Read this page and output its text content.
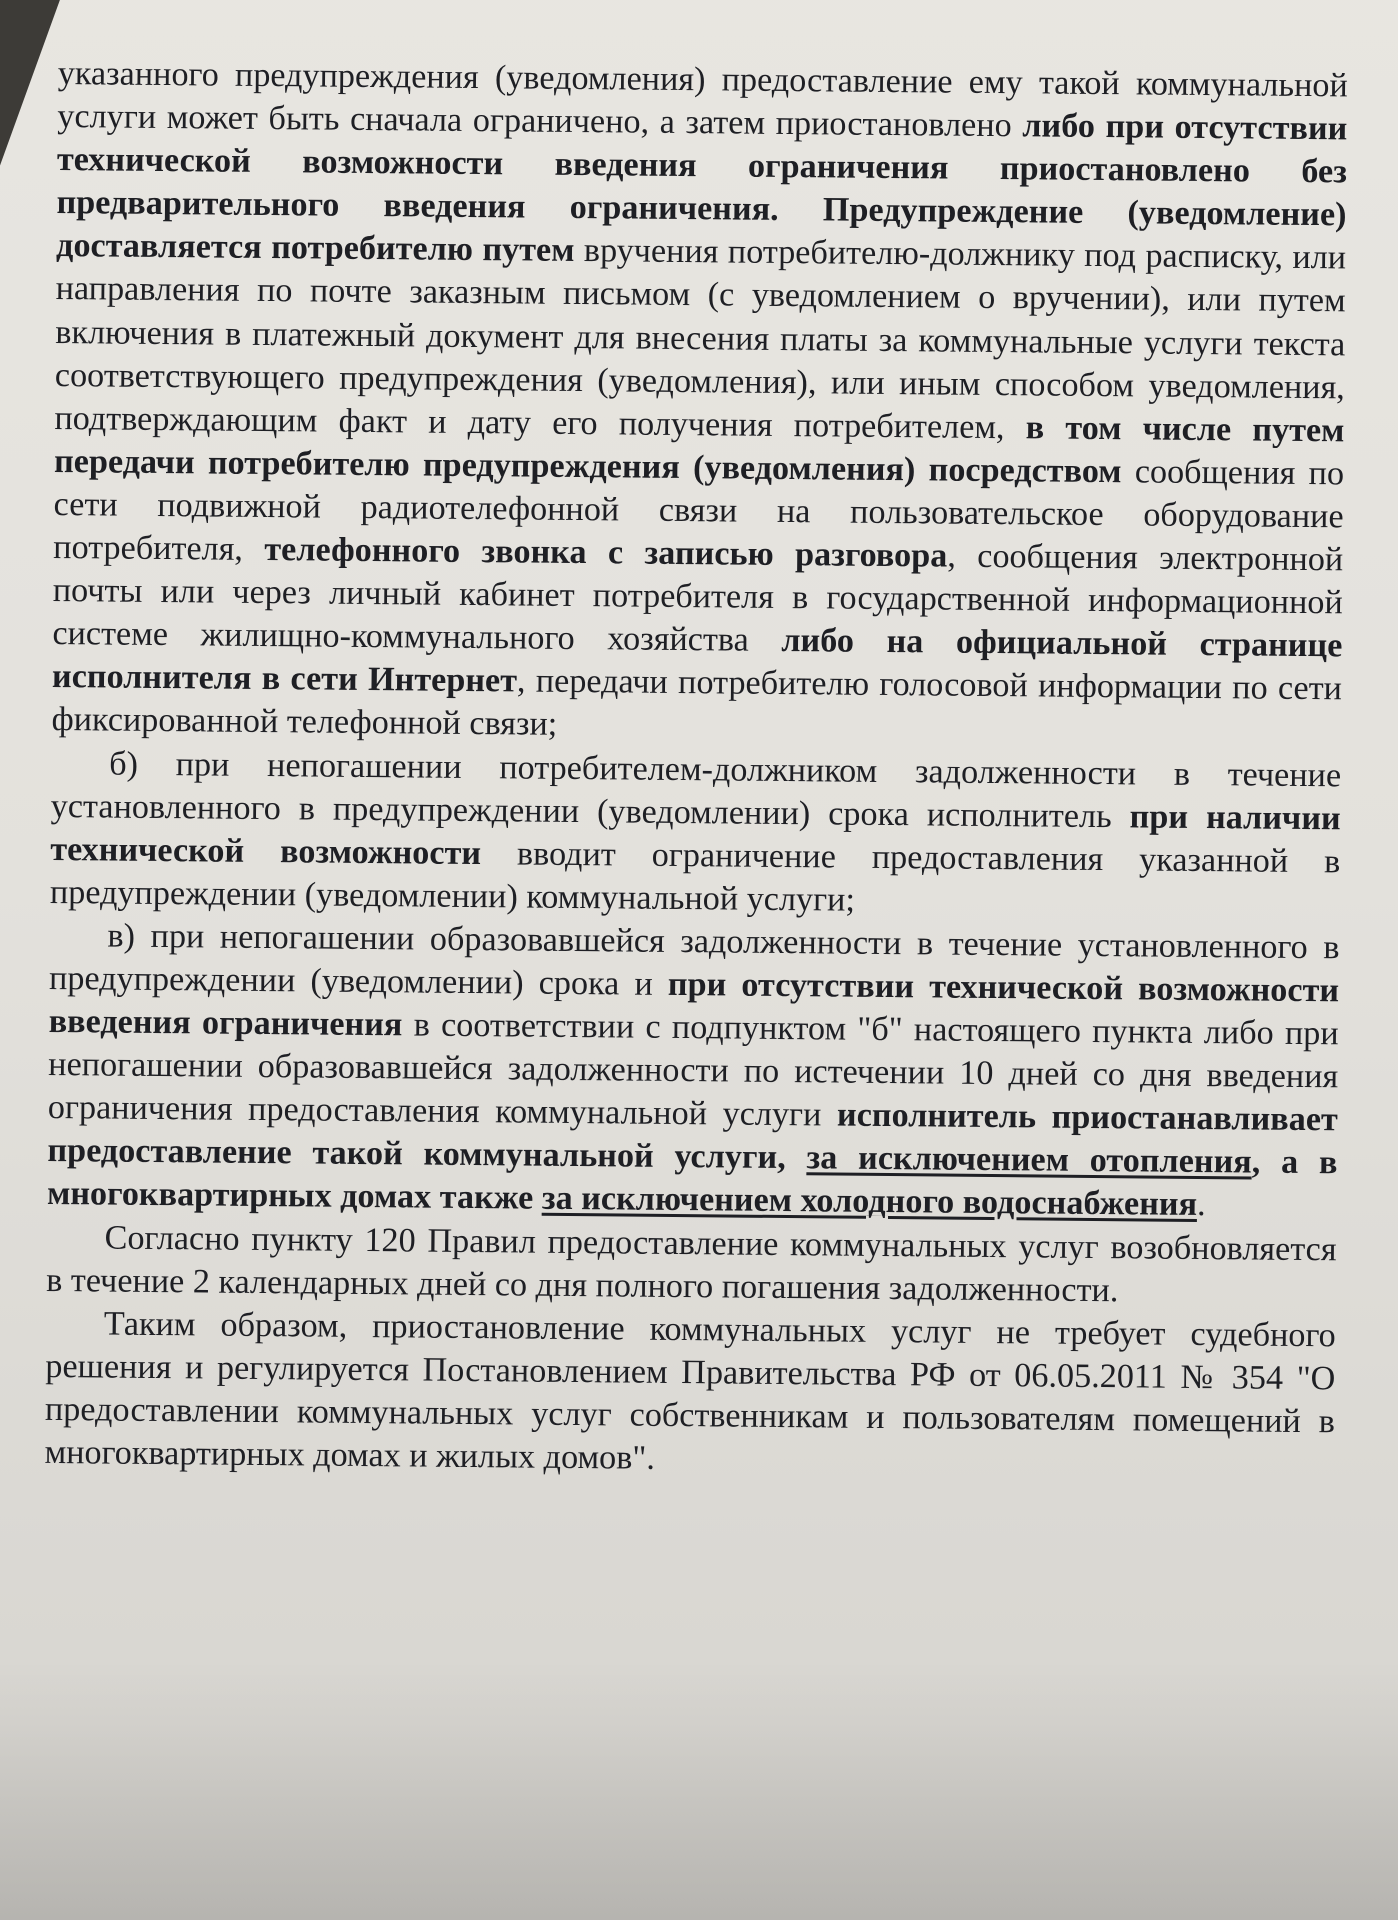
указанного предупреждения (уведомления) предоставление ему такой коммунальной услуги может быть сначала ограничено, а затем приостановлено либо при отсутствии технической возможности введения ограничения приостановлено без предварительного введения ограничения. Предупреждение (уведомление) доставляется потребителю путем вручения потребителю-должнику под расписку, или направления по почте заказным письмом (с уведомлением о вручении), или путем включения в платежный документ для внесения платы за коммунальные услуги текста соответствующего предупреждения (уведомления), или иным способом уведомления, подтверждающим факт и дату его получения потребителем, в том числе путем передачи потребителю предупреждения (уведомления) посредством сообщения по сети подвижной радиотелефонной связи на пользовательское оборудование потребителя, телефонного звонка с записью разговора, сообщения электронной почты или через личный кабинет потребителя в государственной информационной системе жилищно-коммунального хозяйства либо на официальной странице исполнителя в сети Интернет, передачи потребителю голосовой информации по сети фиксированной телефонной связи;

б) при непогашении потребителем-должником задолженности в течение установленного в предупреждении (уведомлении) срока исполнитель при наличии технической возможности вводит ограничение предоставления указанной в предупреждении (уведомлении) коммунальной услуги;

в) при непогашении образовавшейся задолженности в течение установленного в предупреждении (уведомлении) срока и при отсутствии технической возможности введения ограничения в соответствии с подпунктом "б" настоящего пункта либо при непогашении образовавшейся задолженности по истечении 10 дней со дня введения ограничения предоставления коммунальной услуги исполнитель приостанавливает предоставление такой коммунальной услуги, за исключением отопления, а в многоквартирных домах также за исключением холодного водоснабжения.

Согласно пункту 120 Правил предоставление коммунальных услуг возобновляется в течение 2 календарных дней со дня полного погашения задолженности.

Таким образом, приостановление коммунальных услуг не требует судебного решения и регулируется Постановлением Правительства РФ от 06.05.2011 № 354 "О предоставлении коммунальных услуг собственникам и пользователям помещений в многоквартирных домах и жилых домов".
